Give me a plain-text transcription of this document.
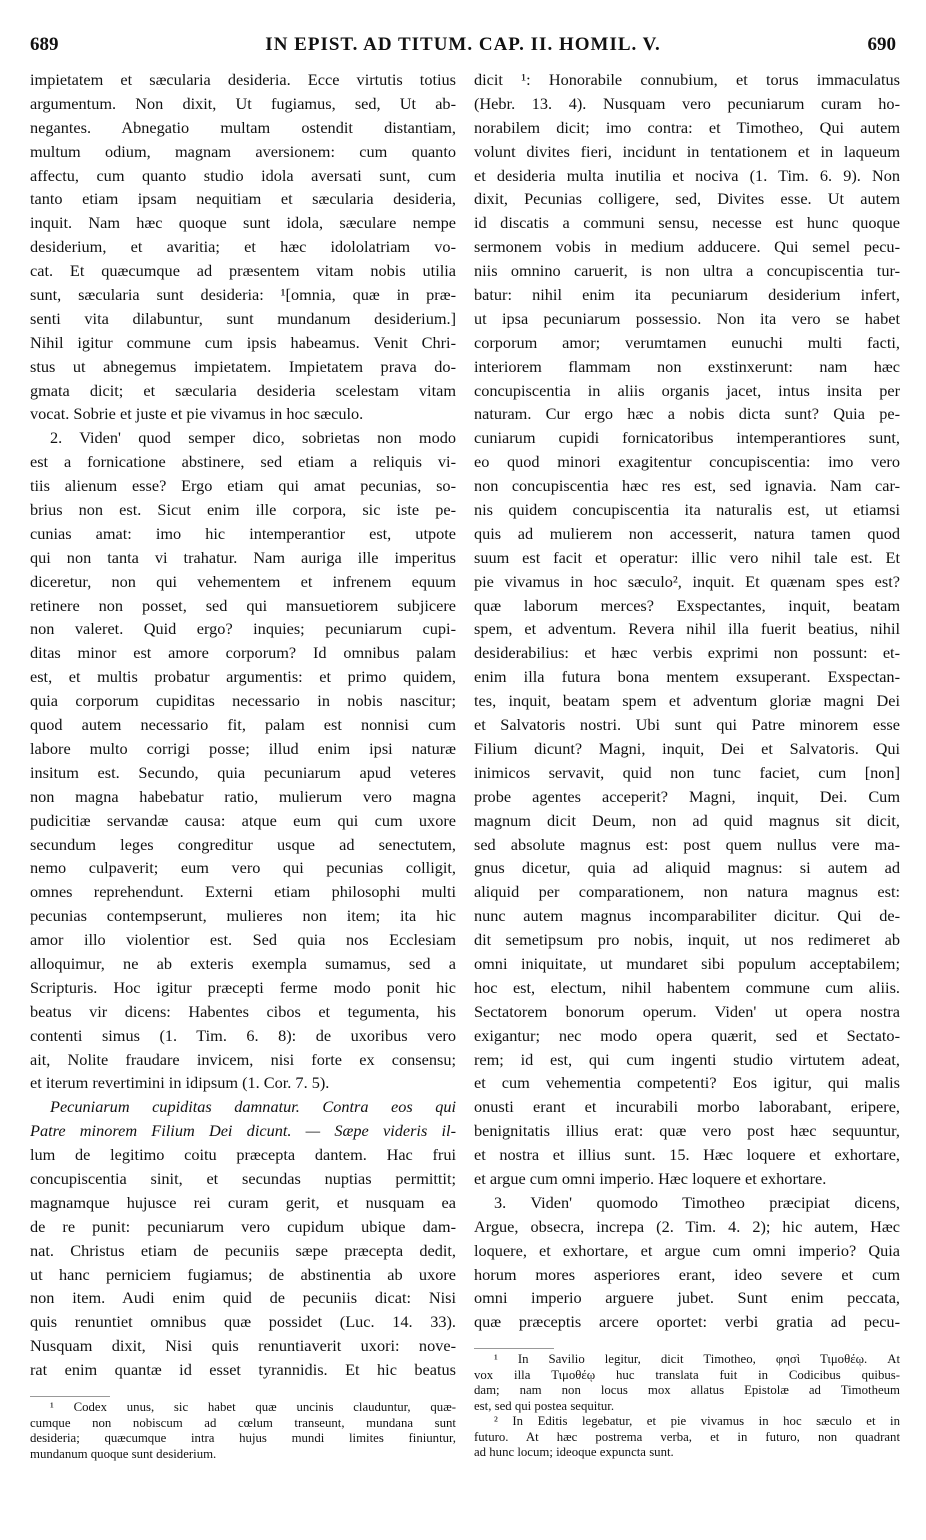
689	IN EPIST. AD TITUM. CAP. II. HOMIL. V.	690
impietatem et sæcularia desideria. Ecce virtutis totius
argumentum. Non dixit, Ut fugiamus, sed, Ut ab-
negantes. Abnegatio multam ostendit distantiam,
multum odium, magnam aversionem: cum quanto
affectu, cum quanto studio idola aversati sunt, cum
tanto etiam ipsam nequitiam et sæcularia desideria,
inquit. Nam hæc quoque sunt idola, sæculare nempe
desiderium, et avaritia; et hæc idololatriam vo-
cat. Et quæcumque ad præsentem vitam nobis utilia
sunt, sæcularia sunt desideria: ¹[omnia, quæ in præ-
senti vita dilabuntur, sunt mundanum desiderium.]
Nihil igitur commune cum ipsis habeamus. Venit Chri-
stus ut abnegemus impietatem. Impietatem prava do-
gmata dicit; et sæcularia desideria scelestam vitam
vocat. Sobrie et juste et pie vivamus in hoc sæculo.
2. Viden' quod semper dico, sobrietas non modo
est a fornicatione abstinere, sed etiam a reliquis vi-
tiis alienum esse? Ergo etiam qui amat pecunias, so-
brius non est. Sicut enim ille corpora, sic iste pe-
cunias amat: imo hic intemperantior est, utpote
qui non tanta vi trahatur. Nam auriga ille imperitus
diceretur, non qui vehementem et infrenem equum
retinere non posset, sed qui mansuetiorem subjicere
non valeret. Quid ergo? inquies; pecuniarum cupi-
ditas minor est amore corporum? Id omnibus palam
est, et multis probatur argumentis: et primo quidem,
quia corporum cupiditas necessario in nobis nascitur;
quod autem necessario fit, palam est nonnisi cum
labore multo corrigi posse; illud enim ipsi naturæ
insitum est. Secundo, quia pecuniarum apud veteres
non magna habebatur ratio, mulierum vero magna
pudicitiæ servandæ causa: atque eum qui cum uxore
secundum leges congreditur usque ad senectutem,
nemo culpaverit; eum vero qui pecunias colligit,
omnes reprehendunt. Externi etiam philosophi multi
pecunias contempserunt, mulieres non item; ita hic
amor illo violentior est. Sed quia nos Ecclesiam
alloquimur, ne ab exteris exempla sumamus, sed a
Scripturis. Hoc igitur præcepti ferme modo ponit hic
beatus vir dicens: Habentes cibos et tegumenta, his
contenti simus (1. Tim. 6. 8): de uxoribus vero
ait, Nolite fraudare invicem, nisi forte ex consensu;
et iterum revertimini in idipsum (1. Cor. 7. 5).
Pecuniarum cupiditas damnatur. Contra eos qui
Patre minorem Filium Dei dicunt. — Sæpe videris il-
lum de legitimo coitu præcepta dantem. Hac frui
concupiscentia sinit, et secundas nuptias permittit;
magnamque hujusce rei curam gerit, et nusquam ea
de re punit: pecuniarum vero cupidum ubique dam-
nat. Christus etiam de pecuniis sæpe præcepta dedit,
ut hanc perniciem fugiamus; de abstinentia ab uxore
non item. Audi enim quid de pecuniis dicat: Nisi
quis renuntiet omnibus quæ possidet (Luc. 14. 33).
Nusquam dixit, Nisi quis renuntiaverit uxori: nove-
rat enim quantæ id esset tyrannidis. Et hic beatus
dicit ¹: Honorabile connubium, et torus immaculatus
(Hebr. 13. 4). Nusquam vero pecuniarum curam ho-
norabilem dicit; imo contra: et Timotheo, Qui autem
volunt divites fieri, incidunt in tentationem et in laqueum
et desideria multa inutilia et nociva (1. Tim. 6. 9). Non
dixit, Pecunias colligere, sed, Divites esse. Ut autem
id discatis a communi sensu, necesse est hunc quoque
sermonem vobis in medium adducere. Qui semel pecu-
niis omnino caruerit, is non ultra a concupiscentia tur-
batur: nihil enim ita pecuniarum desiderium infert,
ut ipsa pecuniarum possessio. Non ita vero se habet
corporum amor; verumtamen eunuchi multi facti,
interiorem flammam non exstinxerunt: nam hæc
concupiscentia in aliis organis jacet, intus insita per
naturam. Cur ergo hæc a nobis dicta sunt? Quia pe-
cuniarum cupidi fornicatoribus intemperantiores sunt,
eo quod minori exagitentur concupiscentia: imo vero
non concupiscentia hæc res est, sed ignavia. Nam car-
nis quidem concupiscentia ita naturalis est, ut etiamsi
quis ad mulierem non accesserit, natura tamen quod
suum est facit et operatur: illic vero nihil tale est. Et
pie vivamus in hoc sæculo², inquit. Et quænam spes est?
quæ laborum merces? Exspectantes, inquit, beatam
spem, et adventum. Revera nihil illa fuerit beatius, nihil
desiderabilius: et hæc verbis exprimi non possunt: et-
enim illa futura bona mentem exsuperant. Exspectan-
tes, inquit, beatam spem et adventum gloriæ magni Dei
et Salvatoris nostri. Ubi sunt qui Patre minorem esse
Filium dicunt? Magni, inquit, Dei et Salvatoris. Qui
inimicos servavit, quid non tunc faciet, cum [non]
probe agentes acceperit? Magni, inquit, Dei. Cum
magnum dicit Deum, non ad quid magnus sit dicit,
sed absolute magnus est: post quem nullus vere ma-
gnus dicetur, quia ad aliquid magnus: si autem ad
aliquid per comparationem, non natura magnus est:
nunc autem magnus incomparabiliter dicitur. Qui de-
dit semetipsum pro nobis, inquit, ut nos redimeret ab
omni iniquitate, ut mundaret sibi populum acceptabilem;
hoc est, electum, nihil habentem commune cum aliis.
Sectatorem bonorum operum. Viden' ut opera nostra
exigantur; nec modo opera quærit, sed et Sectato-
rem; id est, qui cum ingenti studio virtutem adeat,
et cum vehementia competenti? Eos igitur, qui malis
onusti erant et incurabili morbo laborabant, eripere,
benignitatis illius erat: quæ vero post hæc sequuntur,
et nostra et illius sunt. 15. Hæc loquere et exhortare,
et argue cum omni imperio. Hæc loquere et exhortare.
3. Viden' quomodo Timotheo præcipiat dicens,
Argue, obsecra, increpa (2. Tim. 4. 2); hic autem, Hæc
loquere, et exhortare, et argue cum omni imperio? Quia
horum mores asperiores erant, ideo severe et cum
omni imperio arguere jubet. Sunt enim peccata,
quæ præceptis arcere oportet: verbi gratia ad pecu-
¹ Codex unus, sic habet quæ uncinis clauduntur, quæ-
cumque non nobiscum ad cœlum transeunt, mundana sunt
desideria; quæcumque intra hujus mundi limites finiuntur,
mundanum quoque sunt desiderium.
¹ In Savilio legitur, dicit Timotheo, φησὶ Τιμοθέῳ. At
vox illa Τιμοθέῳ huc translata fuit in Codicibus quibus-
dam; nam non locus mox allatus Epistolæ ad Timotheum
est, sed qui postea sequitur.
² In Editis legebatur, et pie vivamus in hoc sæculo et in
futuro. At hæc postrema verba, et in futuro, non quadrant
ad hunc locum; ideoque expuncta sunt.
